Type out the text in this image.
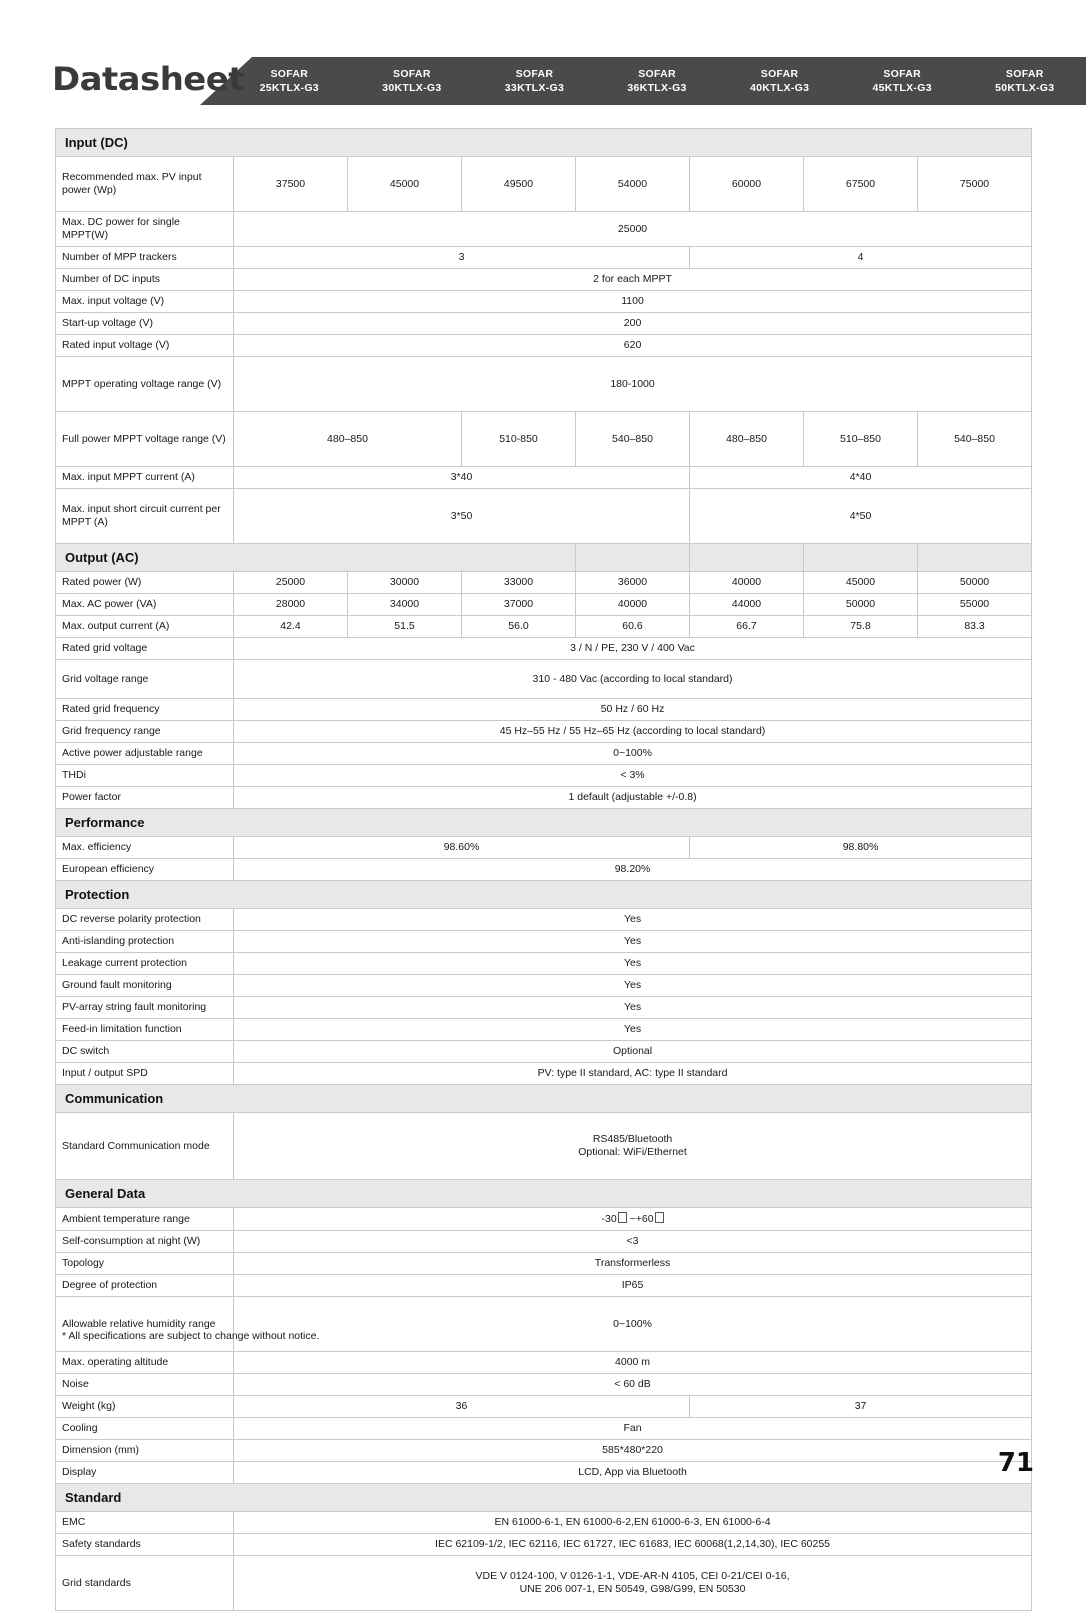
Datasheet	SOFAR
25KTLX-G3
SOFAR
30KTLX-G3
SOFAR
33KTLX-G3
SOFAR
36KTLX-G3
SOFAR
40KTLX-G3
SOFAR
45KTLX-G3
SOFAR
50KTLX-G3
Input (DC)							
Recommended max. PV input power (Wp)	37500	45000	49500	54000	60000	67500	75000
Max. DC power for single MPPT(W)	25000						
Number of MPP trackers	3				4		
Number of DC inputs	2 for each MPPT						
Max. input voltage (V)	1100						
Start-up voltage (V)	200						
Rated input voltage (V)	620						
MPPT operating voltage range (V)	180-1000						
Full power MPPT voltage range (V)	480–850		510-850	540–850	480–850	510–850	540–850
Max. input MPPT current (A)	3*40				4*40		
Max. input short circuit current per MPPT (A)	3*50				4*50		
Output (AC)							
Rated power (W)	25000	30000	33000	36000	40000	45000	50000
Max. AC power (VA)	28000	34000	37000	40000	44000	50000	55000
Max. output current (A)	42.4	51.5	56.0	60.6	66.7	75.8	83.3
Rated grid voltage	3 / N / PE, 230 V / 400 Vac						
Grid voltage range	310 - 480 Vac (according to local standard)						
Rated grid frequency	50 Hz / 60 Hz						
Grid frequency range	45 Hz–55 Hz / 55 Hz–65 Hz (according to local standard)						
Active power adjustable range	0~100%						
THDi	< 3%						
Power factor	1 default (adjustable +/-0.8)						
Performance							
Max. efficiency	98.60%				98.80%		
European efficiency	98.20%						
Protection							
DC reverse polarity protection	Yes						
Anti-islanding protection	Yes						
Leakage current protection	Yes						
Ground fault monitoring	Yes						
PV-array string fault monitoring	Yes						
Feed-in limitation function	Yes						
DC switch	Optional						
Input / output SPD	PV: type II standard, AC: type II standard						
Communication							
Standard Communication mode	RS485/Bluetooth
Optional: WiFi/Ethernet						
General Data							
Ambient temperature range	-30 ~+60						
Self-consumption at night (W)	<3						
Topology	Transformerless						
Degree of protection	IP65						
Allowable relative humidity range	0~100%						
Max. operating altitude	4000 m						
Noise	< 60 dB						
Weight (kg)	36				37		
Cooling	Fan						
Dimension (mm)	585*480*220						
Display	LCD, App via Bluetooth						
Standard							
EMC	EN 61000-6-1, EN 61000-6-2,EN 61000-6-3, EN 61000-6-4						
Safety standards	IEC 62109-1/2, IEC 62116, IEC 61727, IEC 61683, IEC 60068(1,2,14,30), IEC 60255						
Grid standards	VDE V 0124-100, V 0126-1-1, VDE-AR-N 4105, CEI 0-21/CEI 0-16,
UNE 206 007-1, EN 50549, G98/G99, EN 50530						
* All specifications are subject to change without notice.
71
